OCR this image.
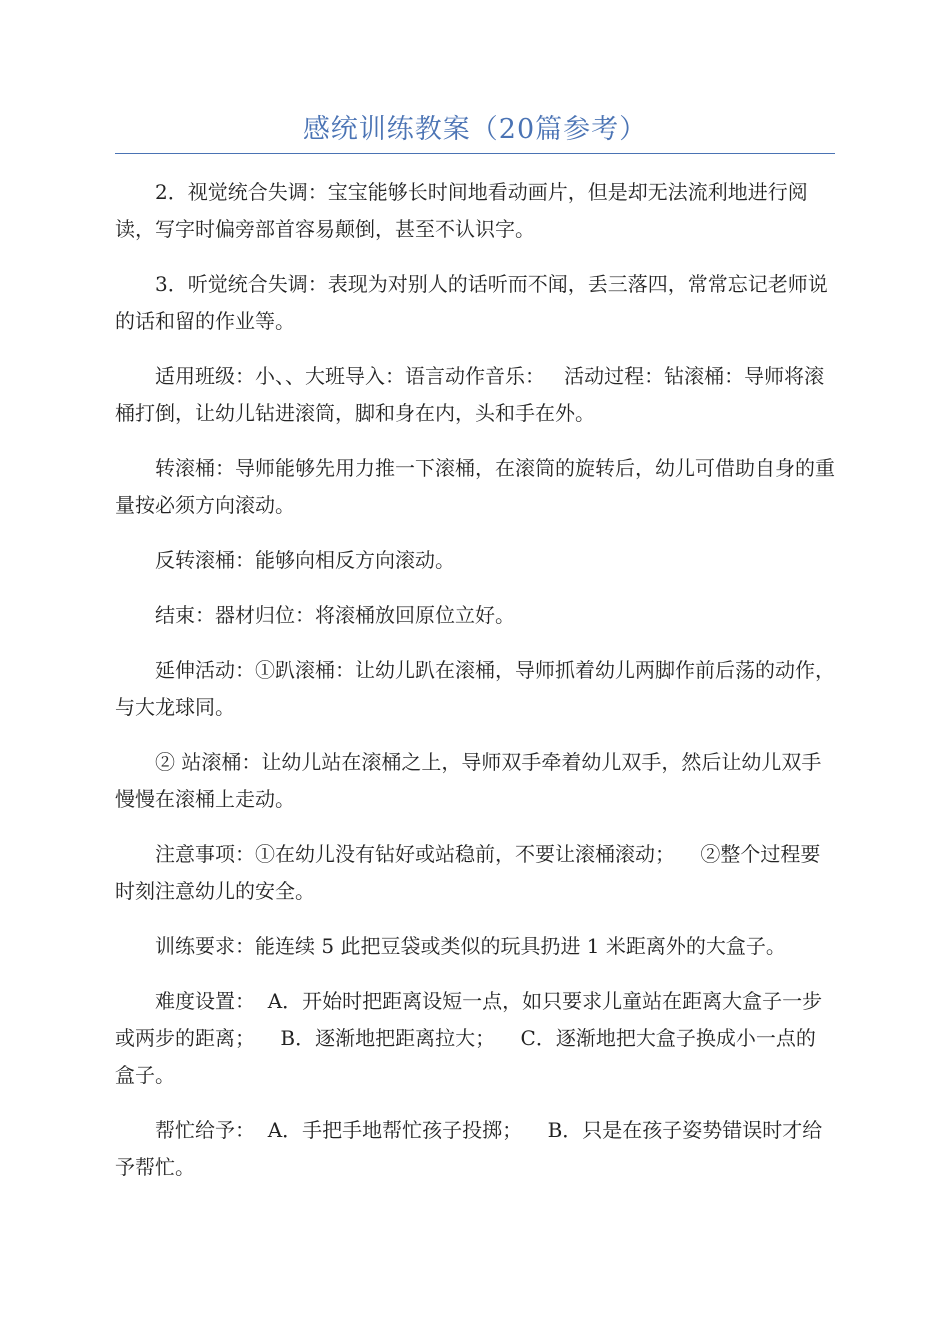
感统训练教案（20篇参考）

2．视觉统合失调：宝宝能够长时间地看动画片，但是却无法流利地进行阅读，写字时偏旁部首容易颠倒，甚至不认识字。

3．听觉统合失调：表现为对别人的话听而不闻，丢三落四，常常忘记老师说的话和留的作业等。

适用班级：小、、大班导入：语言动作音乐：   活动过程：钻滚桶：导师将滚桶打倒，让幼儿钻进滚筒，脚和身在内，头和手在外。

转滚桶：导师能够先用力推一下滚桶，在滚筒的旋转后，幼儿可借助自身的重量按必须方向滚动。

反转滚桶：能够向相反方向滚动。

结束：器材归位：将滚桶放回原位立好。

延伸活动：①趴滚桶：让幼儿趴在滚桶，导师抓着幼儿两脚作前后荡的动作，与大龙球同。

② 站滚桶：让幼儿站在滚桶之上，导师双手牵着幼儿双手，然后让幼儿双手慢慢在滚桶上走动。

注意事项：①在幼儿没有钻好或站稳前，不要让滚桶滚动；    ②整个过程要时刻注意幼儿的安全。

训练要求：能连续 5 此把豆袋或类似的玩具扔进 1 米距离外的大盒子。

难度设置：  A．开始时把距离设短一点，如只要求儿童站在距离大盒子一步或两步的距离；    B．逐渐地把距离拉大；    C．逐渐地把大盒子换成小一点的盒子。

帮忙给予：  A．手把手地帮忙孩子投掷；    B．只是在孩子姿势错误时才给予帮忙。
